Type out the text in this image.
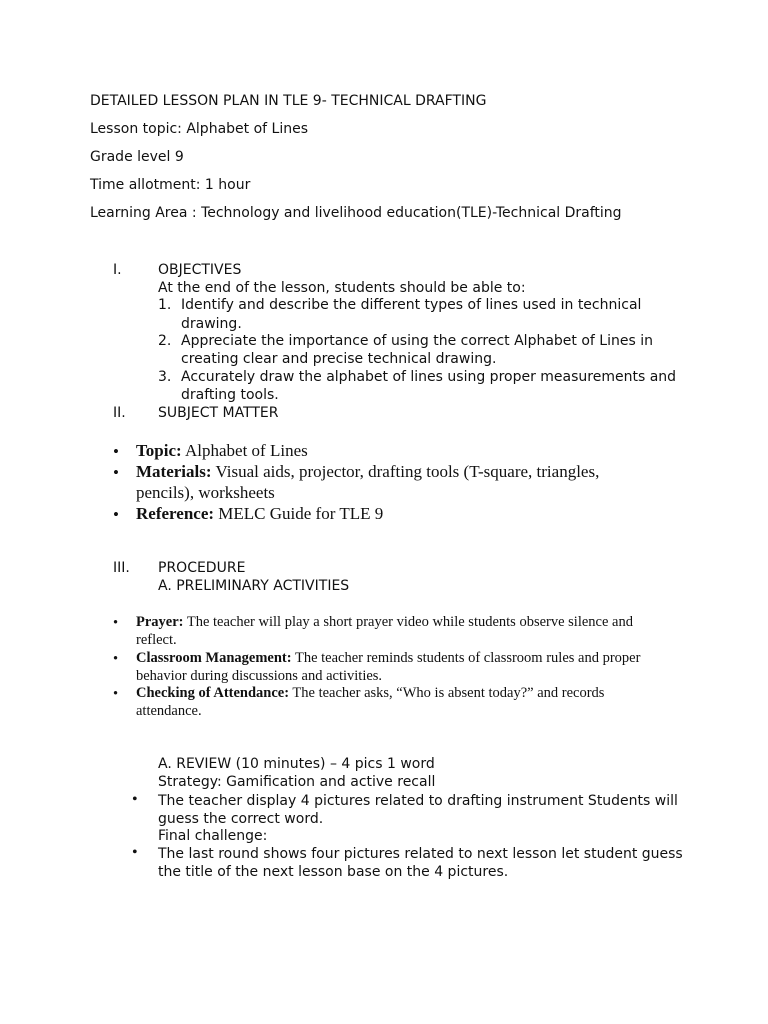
DETAILED LESSON PLAN IN TLE 9- TECHNICAL DRAFTING
Lesson topic: Alphabet of Lines
Grade level 9
Time allotment: 1 hour
Learning Area : Technology and livelihood education(TLE)-Technical Drafting
I.	OBJECTIVES
At the end of the lesson, students should be able to:
1. Identify and describe the different types of lines used in technical
drawing.
2. Appreciate the importance of using the correct Alphabet of Lines in
creating clear and precise technical drawing.
3. Accurately draw the alphabet of lines using proper measurements and
drafting tools.
II. SUBJECT MATTER
• Topic: Alphabet of Lines
• Materials: Visual aids, projector, drafting tools (T-square, triangles,
pencils), worksheets
• Reference: MELC Guide for TLE 9
III. PROCEDURE
A. PRELIMINARY ACTIVITIES
• Prayer: The teacher will play a short prayer video while students observe silence and
reflect.
• Classroom Management: The teacher reminds students of classroom rules and proper
behavior during discussions and activities.
• Checking of Attendance: The teacher asks, “Who is absent today?” and records
attendance.
A. REVIEW (10 minutes) – 4 pics 1 word
Strategy: Gamification and active recall
• The teacher display 4 pictures related to drafting instrument Students will
guess the correct word.
Final challenge:
• The last round shows four pictures related to next lesson let student guess
the title of the next lesson base on the 4 pictures.
